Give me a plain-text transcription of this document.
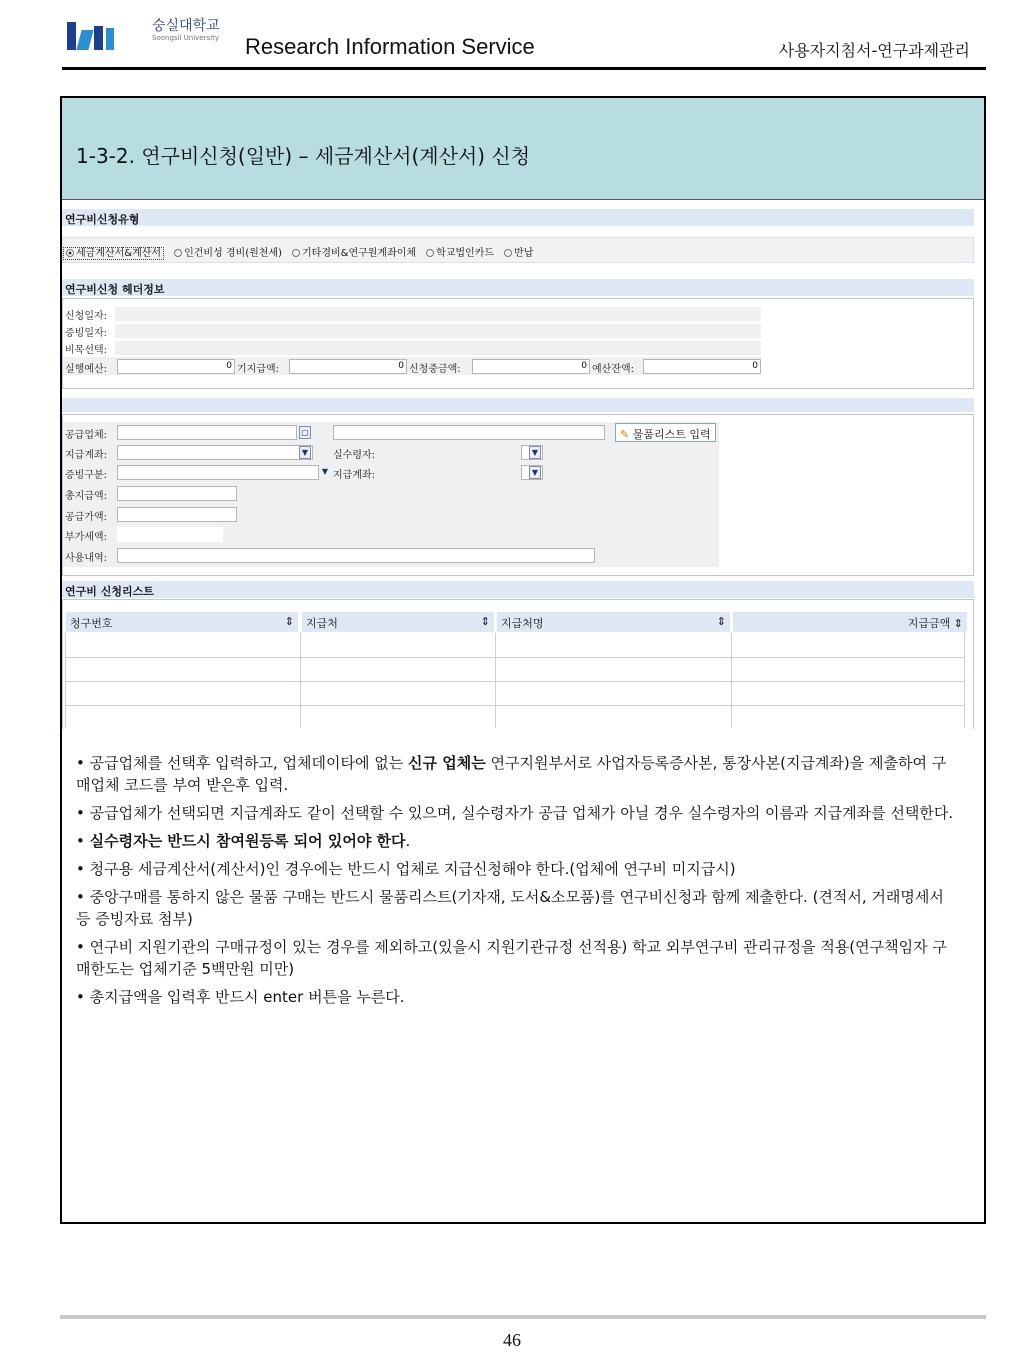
숭실대학교
Soongsil University Research Information Service	사용자지침서-연구과제관리
1-3-2. 연구비신청(일반) – 세금계산서(계산서) 신청
연구비신청유형
세금계산서&계산서 인건비성 경비(원천세) 기타경비&연구원계좌이체 학교법인카드 반납
연구비신청 헤더정보
신청일자:
증빙일자:
비목선택:
실행예산:	0 기지급액:	0 신청중금액:	0 예산잔액:	0
공급업체:	▢	✎ 물품리스트 입력
지급계좌:	▼ 실수령자:	▼
증빙구분:	▼ 지급계좌:	▼
총지급액:
공급가액:
부가세액:
사용내역:
연구비 신청리스트
청구번호	⇕	지급처	⇕	지급처명	⇕	지급금액 ⇕

• 공급업체를 선택후 입력하고, 업체데이타에 없는 신규 업체는 연구지원부서로 사업자등록증사본, 통장사본(지급계좌)을 제출하여 구매업체 코드를 부여 받은후 입력.

• 공급업체가 선택되면 지급계좌도 같이 선택할 수 있으며, 실수령자가 공급 업체가 아닐 경우 실수령자의 이름과 지급계좌를 선택한다.

• 실수령자는 반드시 참여원등록 되어 있어야 한다.

• 청구용 세금계산서(계산서)인 경우에는 반드시 업체로 지급신청해야 한다.(업체에 연구비 미지급시)

• 중앙구매를 통하지 않은 물품 구매는 반드시 물품리스트(기자재, 도서&소모품)를 연구비신청과 함께 제출한다. (견적서, 거래명세서등 증빙자료 첨부)

• 연구비 지원기관의 구매규정이 있는 경우를 제외하고(있을시 지원기관규정 선적용) 학교 외부연구비 관리규정을 적용(연구책임자 구매한도는 업체기준 5백만원 미만)

• 총지급액을 입력후 반드시 enter 버튼을 누른다.

46
